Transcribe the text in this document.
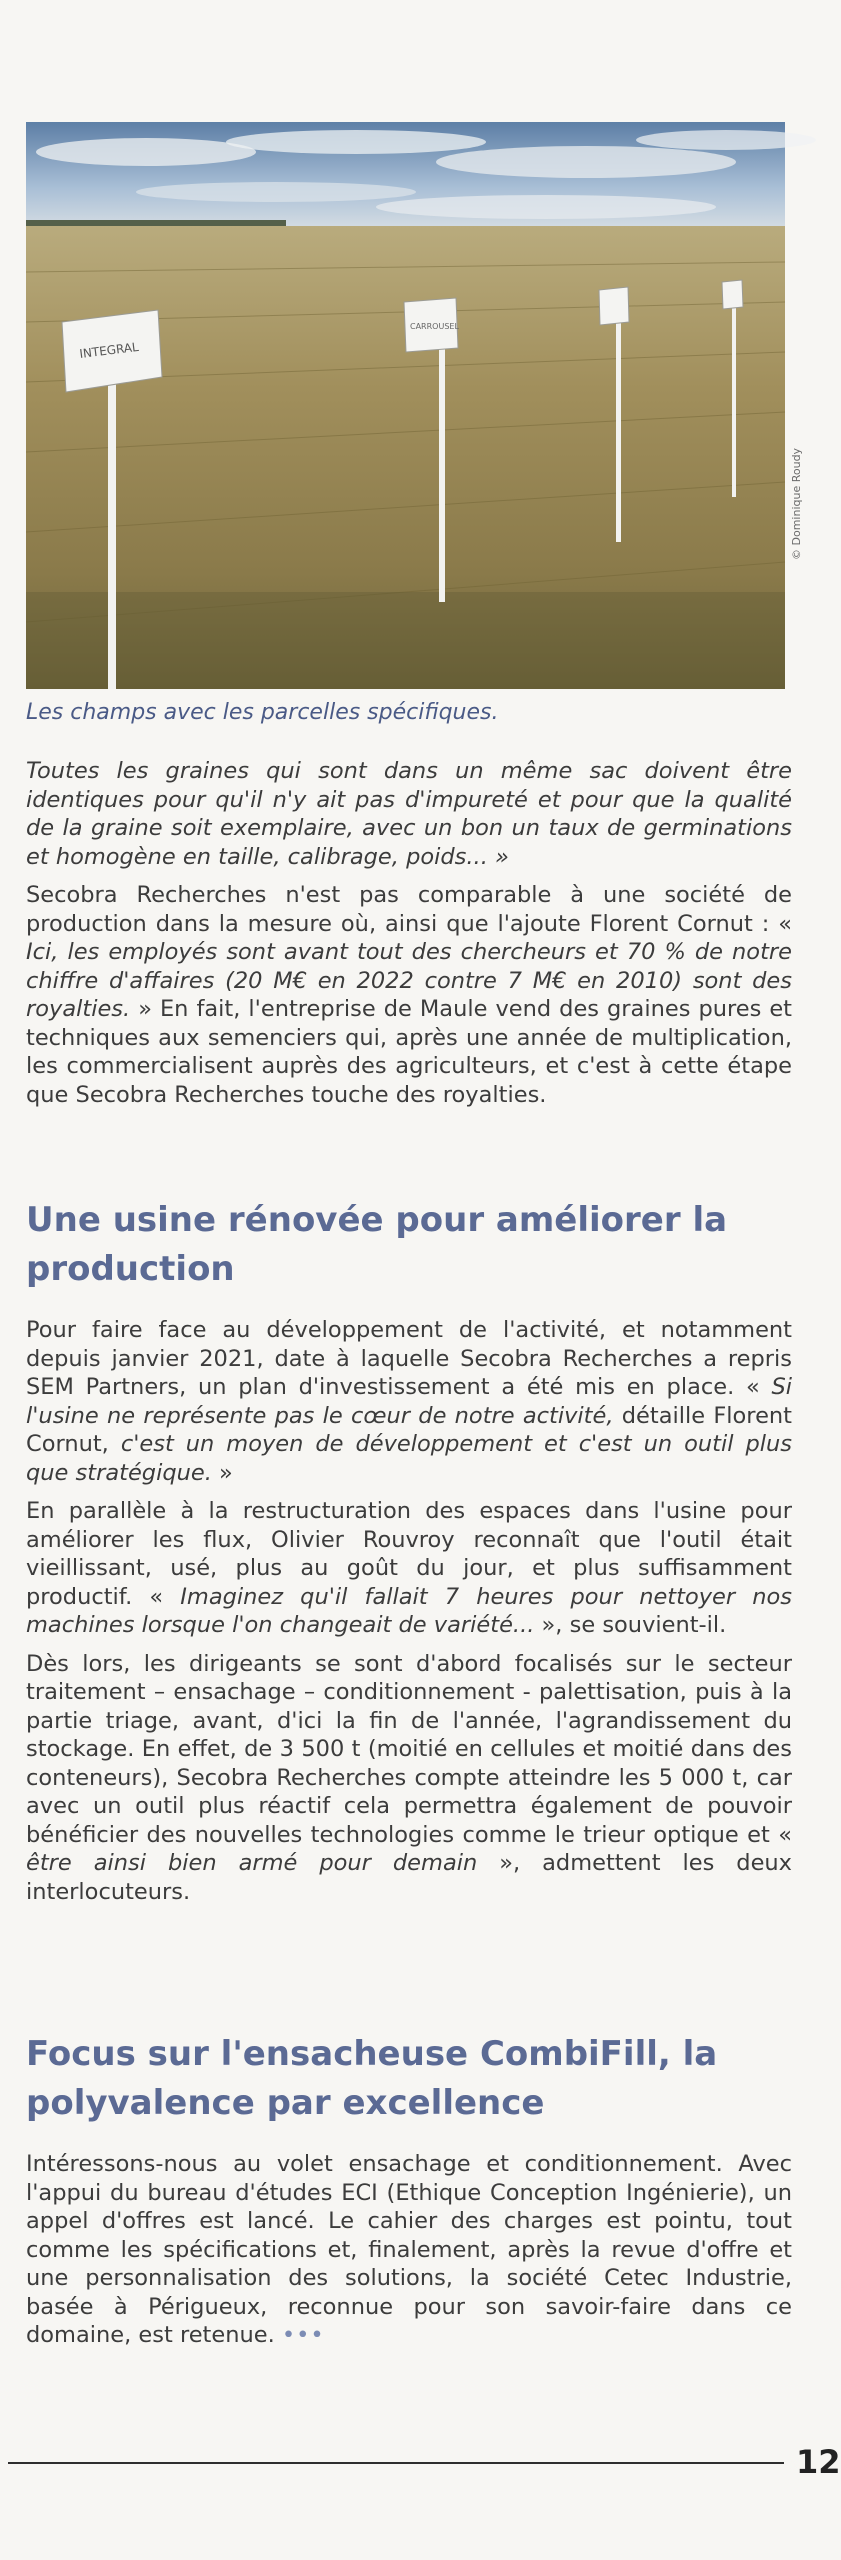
INTEGRAL
CARROUSEL
© Dominique Roudy
Les champs avec les parcelles spécifiques.

Toutes les graines qui sont dans un même sac doivent être identiques pour qu'il n'y ait pas d'impureté et pour que la qualité de la graine soit exemplaire, avec un bon un taux de germinations et homogène en taille, calibrage, poids... »

Secobra Recherches n'est pas comparable à une société de production dans la mesure où, ainsi que l'ajoute Florent Cornut : « Ici, les employés sont avant tout des chercheurs et 70 % de notre chiffre d'affaires (20 M€ en 2022 contre 7 M€ en 2010) sont des royalties. » En fait, l'entreprise de Maule vend des graines pures et techniques aux semenciers qui, après une année de multiplication, les commercialisent auprès des agriculteurs, et c'est à cette étape que Secobra Recherches touche des royalties.

Une usine rénovée pour améliorer la production

Pour faire face au développement de l'activité, et notamment depuis janvier 2021, date à laquelle Secobra Recherches a repris SEM Partners, un plan d'investissement a été mis en place. « Si l'usine ne représente pas le cœur de notre activité, détaille Florent Cornut, c'est un moyen de développement et c'est un outil plus que stratégique. »

En parallèle à la restructuration des espaces dans l'usine pour améliorer les flux, Olivier Rouvroy reconnaît que l'outil était vieillissant, usé, plus au goût du jour, et plus suffisamment productif. « Imaginez qu'il fallait 7 heures pour nettoyer nos machines lorsque l'on changeait de variété... », se souvient-il.

Dès lors, les dirigeants se sont d'abord focalisés sur le secteur traitement – ensachage – conditionnement - palettisation, puis à la partie triage, avant, d'ici la fin de l'année, l'agrandissement du stockage. En effet, de 3 500 t (moitié en cellules et moitié dans des conteneurs), Secobra Recherches compte atteindre les 5 000 t, car avec un outil plus réactif cela permettra également de pouvoir bénéficier des nouvelles technologies comme le trieur optique et « être ainsi bien armé pour demain », admettent les deux interlocuteurs.

Focus sur l'ensacheuse CombiFill, la polyvalence par excellence

Intéressons-nous au volet ensachage et conditionnement. Avec l'appui du bureau d'études ECI (Ethique Conception Ingénierie), un appel d'offres est lancé. Le cahier des charges est pointu, tout comme les spécifications et, finalement, après la revue d'offre et une personnalisation des solutions, la société Cetec Industrie, basée à Périgueux, reconnue pour son savoir-faire dans ce domaine, est retenue. •••

12
